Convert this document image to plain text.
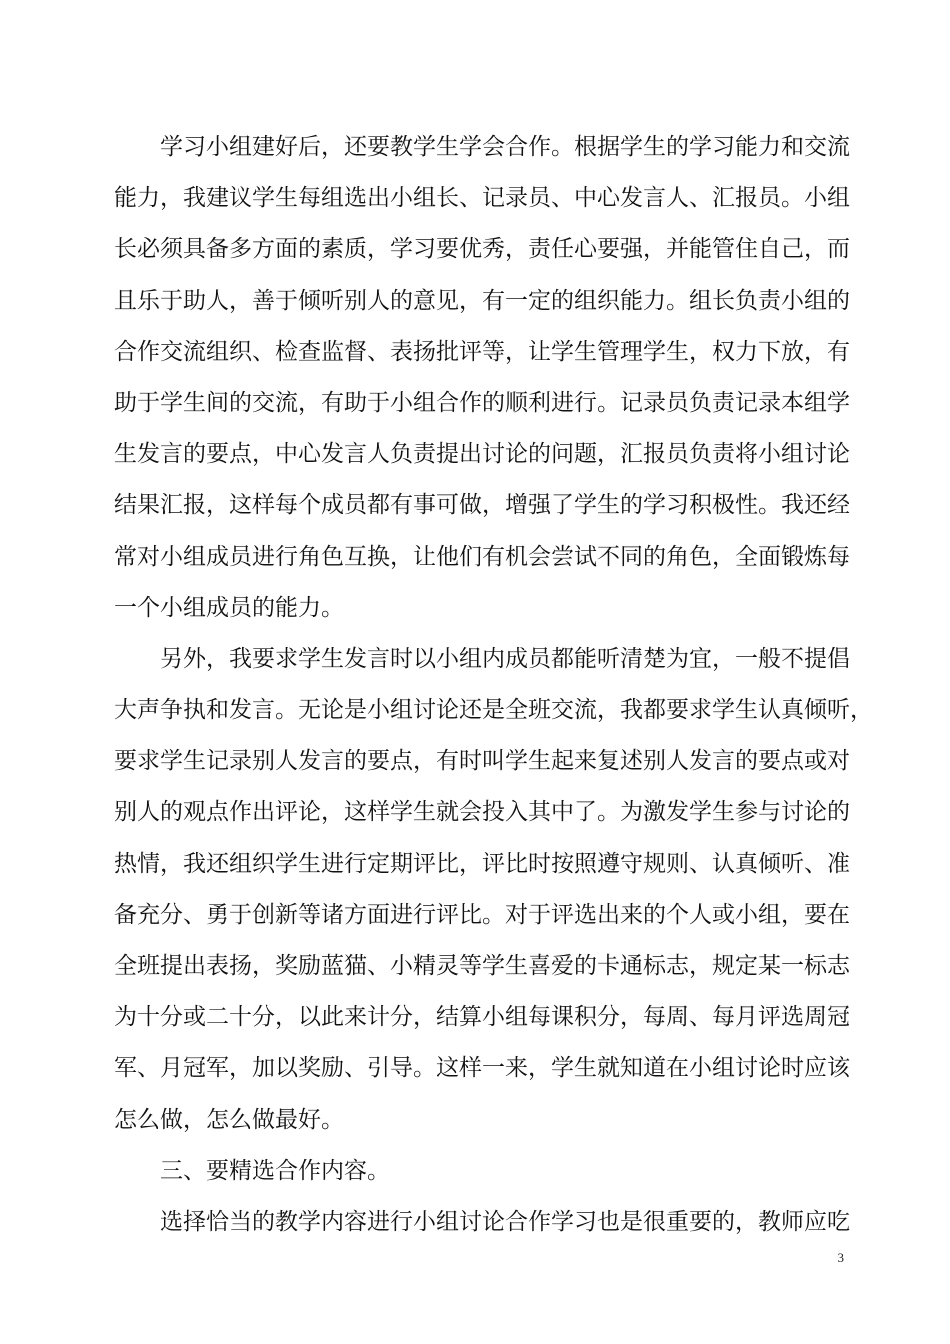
学习小组建好后，还要教学生学会合作。根据学生的学习能力和交流
能力，我建议学生每组选出小组长、记录员、中心发言人、汇报员。小组
长必须具备多方面的素质，学习要优秀，责任心要强，并能管住自己，而
且乐于助人，善于倾听别人的意见，有一定的组织能力。组长负责小组的
合作交流组织、检查监督、表扬批评等，让学生管理学生，权力下放，有
助于学生间的交流，有助于小组合作的顺利进行。记录员负责记录本组学
生发言的要点，中心发言人负责提出讨论的问题，汇报员负责将小组讨论
结果汇报，这样每个成员都有事可做，增强了学生的学习积极性。我还经
常对小组成员进行角色互换，让他们有机会尝试不同的角色，全面锻炼每
一个小组成员的能力。
另外，我要求学生发言时以小组内成员都能听清楚为宜，一般不提倡
大声争执和发言。无论是小组讨论还是全班交流，我都要求学生认真倾听，
要求学生记录别人发言的要点，有时叫学生起来复述别人发言的要点或对
别人的观点作出评论，这样学生就会投入其中了。为激发学生参与讨论的
热情，我还组织学生进行定期评比，评比时按照遵守规则、认真倾听、准
备充分、勇于创新等诸方面进行评比。对于评选出来的个人或小组，要在
全班提出表扬，奖励蓝猫、小精灵等学生喜爱的卡通标志，规定某一标志
为十分或二十分，以此来计分，结算小组每课积分，每周、每月评选周冠
军、月冠军，加以奖励、引导。这样一来，学生就知道在小组讨论时应该
怎么做，怎么做最好。
三、要精选合作内容。
选择恰当的教学内容进行小组讨论合作学习也是很重要的，教师应吃
3
